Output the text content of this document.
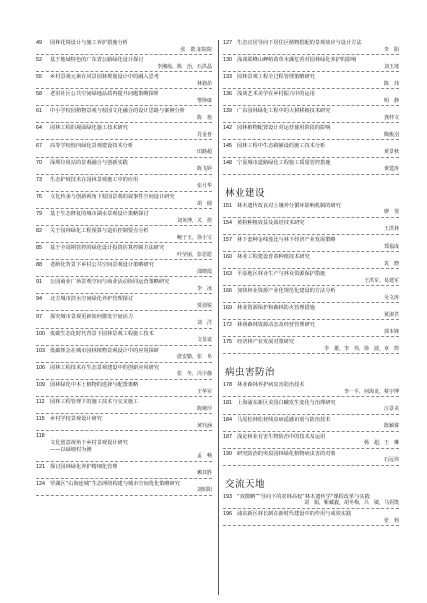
49 园林花境设计与施工养护措施分析
张　群,崔院院
52 基于地域特色的广东省公路绿化设计探讨
李湘灿，陈　治，石洪晶
55 乡村景观元素在风景园林规划设计中的融入思考
林骁昂
58 老旧社区公共空间绿地品质再提升问题策略探析
黎铮康
61 中小学校园植物景观与校园文化融合的设计思路与案例分析
陈　艳
64 园林工程的观面绿化施工技术研究
肖金喜
67 高等学校校内绿化景观建设技术分析
田路超
70 深圳垃圾站的景观融合与创新实践
陈飞婷
73 生态护坡技术在园林景观施工中的应用
张月华
76 文化传承与创新视角下校园景观的叙事性空间设计研究
胡　砚
79 基于生态修复的城市湖水景观设计策略探讨
刘英博，关　煜
82 关于园林绿化工程预算与造价控制要点分析
鲍子玉，徐小宝
85 基于全周期管控的绿化设计投资估算控制方法研究
叶莹丽，彭思愿
88 老龄化背景下乡村公共空间景观设计策略研究
邵晓霞
91 公园商业广场景观空间与商业活动协同运营策略研究
李　冰
94 北方城市滨水空间绿化养护管理探讨
贾劲锐
97 探究城市景观更新如何激发空间活力
刘　洋
100 低碳生态化时代背景下园林景观工程施工技术
文显富
103 低碳理念在城市园林植物景观设计中的应用探研
唐安勤，张　阜
106 园林工程技术在生态景观建设中的创新应用研究
张　冬，冯宇薇
109 园林绿化中本土植物的选择与配置策略
王华军
112 园林工程管理下的施工技术与交叉施工
陈婉玲
115 乡村学校景观设计研究
黄钰涵
118
文化创意视角下乡村景观设计研究
——以碌塘村为例
孟　畅
121 探讨园林绿化养护精细化管理
赖其胜
124 罗湖区“山海连城”生态网络构建与城市空间优化策略研究
刘昭阳
127 生态宜居导向下居住区植物搭配的景观效应与设计方法
李　阳
130 浅谈联峰山岬峪苗草本濒危香对园林绿化养护的影响
刘玉琦
133 园林景观工程全过程管理策略研究
陈　玮
136 浅谈艺术美学在乡村振兴中的运用
明　静
139 广东园林绿化工程中的大树移植技术研究
龚仲文
142 园林植物配置设计对运营使用阶段的影响
陶俊羽
145 园林工程中生态路铺设的施工技术分析
黄景秋
148 宁夏城市道路绿化工程施工质量管控措施
黄建涛
林业建设
151 林木遗传改良对土壤养分循环影响机制的研究
廖　斐
154 黄粉种植效益及栽培技术研究
王洪林
157 林下套种金线莲比与林下经济产业发展策略
郑福成
160 林业工程建设育苗种植技术研究
袁　晓
163 平原地区林业生产与林业资源保护措施
王洪军，易建军
166 加快林业资源产业化规范化建设的方法分析
吴文涛
169 林业资源保护和森林防火管理措施
黄淑君
172 林场森林资源动态及经营管理研究
郭本锋
175 经济林产业发展对策研究
李　雄，李　伟，徐　波，章　煜
病虫害防治
178 林业森林养护病虫害防治技术
李一平，何海龙，蔡宇博
181 上海浦东新区美国白蛾发生变化与治理研究
汪景美
184 马尾松林松材线虫病遥感识别与防治技术
陈颖睿
187 浅论林业有害生物防治中的技术及运用
杨　超，王　琳
190 研究防治的突泉园林绿化植物病虫害的对策
石远伟
交流天地
193 “双微略”“导向下的农林高校”林木遗传学“课程改革与实践
刘　娟，靳藏毅，胡冬梅，吕　敏，马拐凯
196 浦东新区林长制在新时代建设中的作用与成效实践
张　莉
